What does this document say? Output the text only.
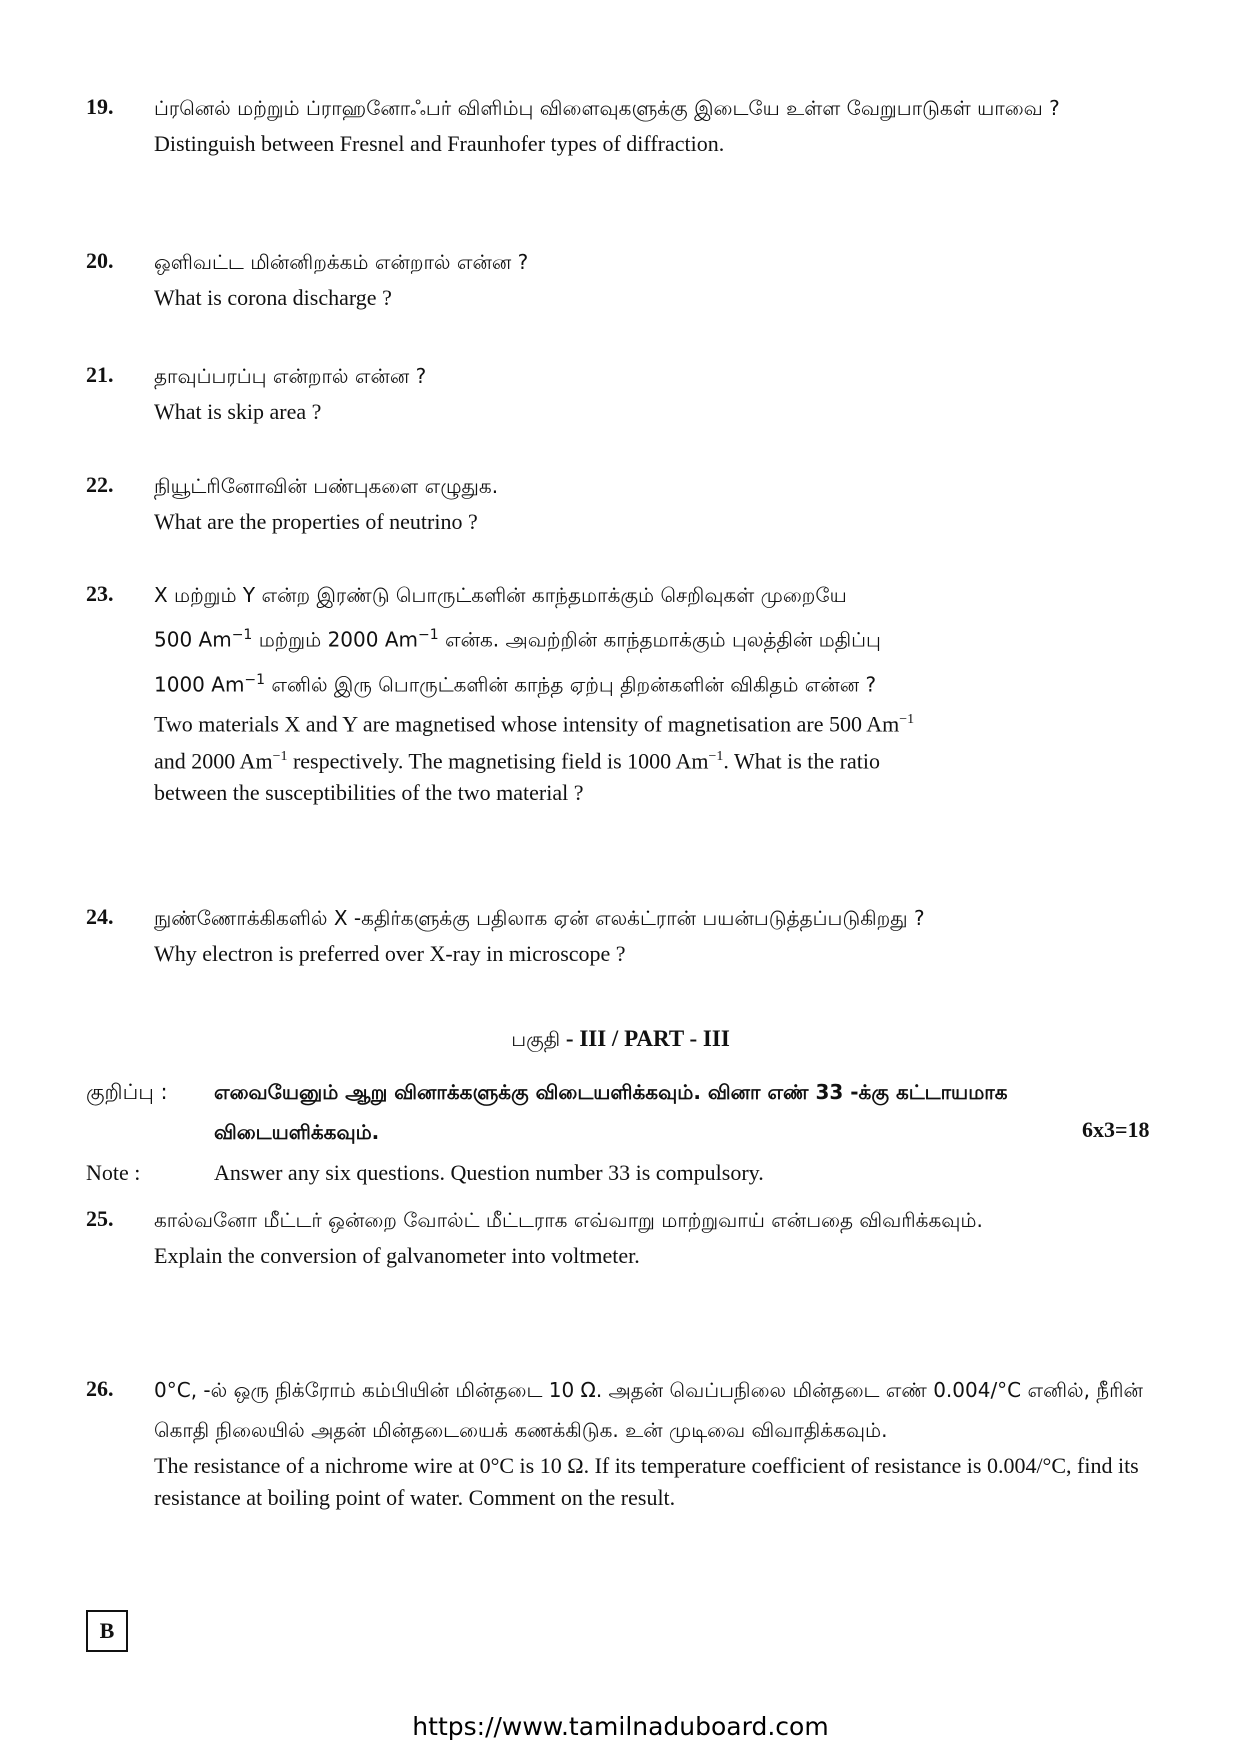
19. ப்ரனெல் மற்றும் ப்ராஹனோஃபர் விளிம்பு விளைவுகளுக்கு இடையே உள்ள வேறுபாடுகள் யாவை ?
Distinguish between Fresnel and Fraunhofer types of diffraction.
20. ஒளிவட்ட மின்னிறக்கம் என்றால் என்ன ?
What is corona discharge ?
21. தாவுப்பரப்பு என்றால் என்ன ?
What is skip area ?
22. நியூட்ரினோவின் பண்புகளை எழுதுக.
What are the properties of neutrino ?
23. X மற்றும் Y என்ற இரண்டு பொருட்களின் காந்தமாக்கும் செறிவுகள் முறையே
500 $Am^{-1}$ மற்றும் 2000 $Am^{-1}$ என்க. அவற்றின் காந்தமாக்கும் புலத்தின் மதிப்பு
1000 $Am^{-1}$ எனில் இரு பொருட்களின் காந்த ஏற்பு திறன்களின் விகிதம் என்ன ?
Two materials X and Y are magnetised whose intensity of magnetisation are 500 $Am^{-1}$
and 2000 $Am^{-1}$ respectively. The magnetising field is 1000 $Am^{-1}$. What is the ratio
between the susceptibilities of the two material ?
24. நுண்ணோக்கிகளில் X -கதிர்களுக்கு பதிலாக ஏன் எலக்ட்ரான் பயன்படுத்தப்படுகிறது ?
Why electron is preferred over X-ray in microscope ?
பகுதி - III / PART - III
குறிப்பு : எவையேனும் ஆறு வினாக்களுக்கு விடையளிக்கவும். வினா எண் 33 -க்கு கட்டாயமாக விடையளிக்கவும்.	6x3=18
Note :	Answer any six questions. Question number 33 is compulsory.
25. கால்வனோ மீட்டர் ஒன்றை வோல்ட் மீட்டராக எவ்வாறு மாற்றுவாய் என்பதை விவரிக்கவும்.
Explain the conversion of galvanometer into voltmeter.
26. 0°C, -ல் ஒரு நிக்ரோம் கம்பியின் மின்தடை 10 Ω. அதன் வெப்பநிலை மின்தடை எண் 0.004/°C எனில், நீரின் கொதி நிலையில் அதன் மின்தடையைக் கணக்கிடுக. உன் முடிவை விவாதிக்கவும்.
The resistance of a nichrome wire at 0°C is 10 Ω. If its temperature coefficient of resistance is 0.004/°C, find its resistance at boiling point of water. Comment on the result.
B
https://www.tamilnaduboard.com
